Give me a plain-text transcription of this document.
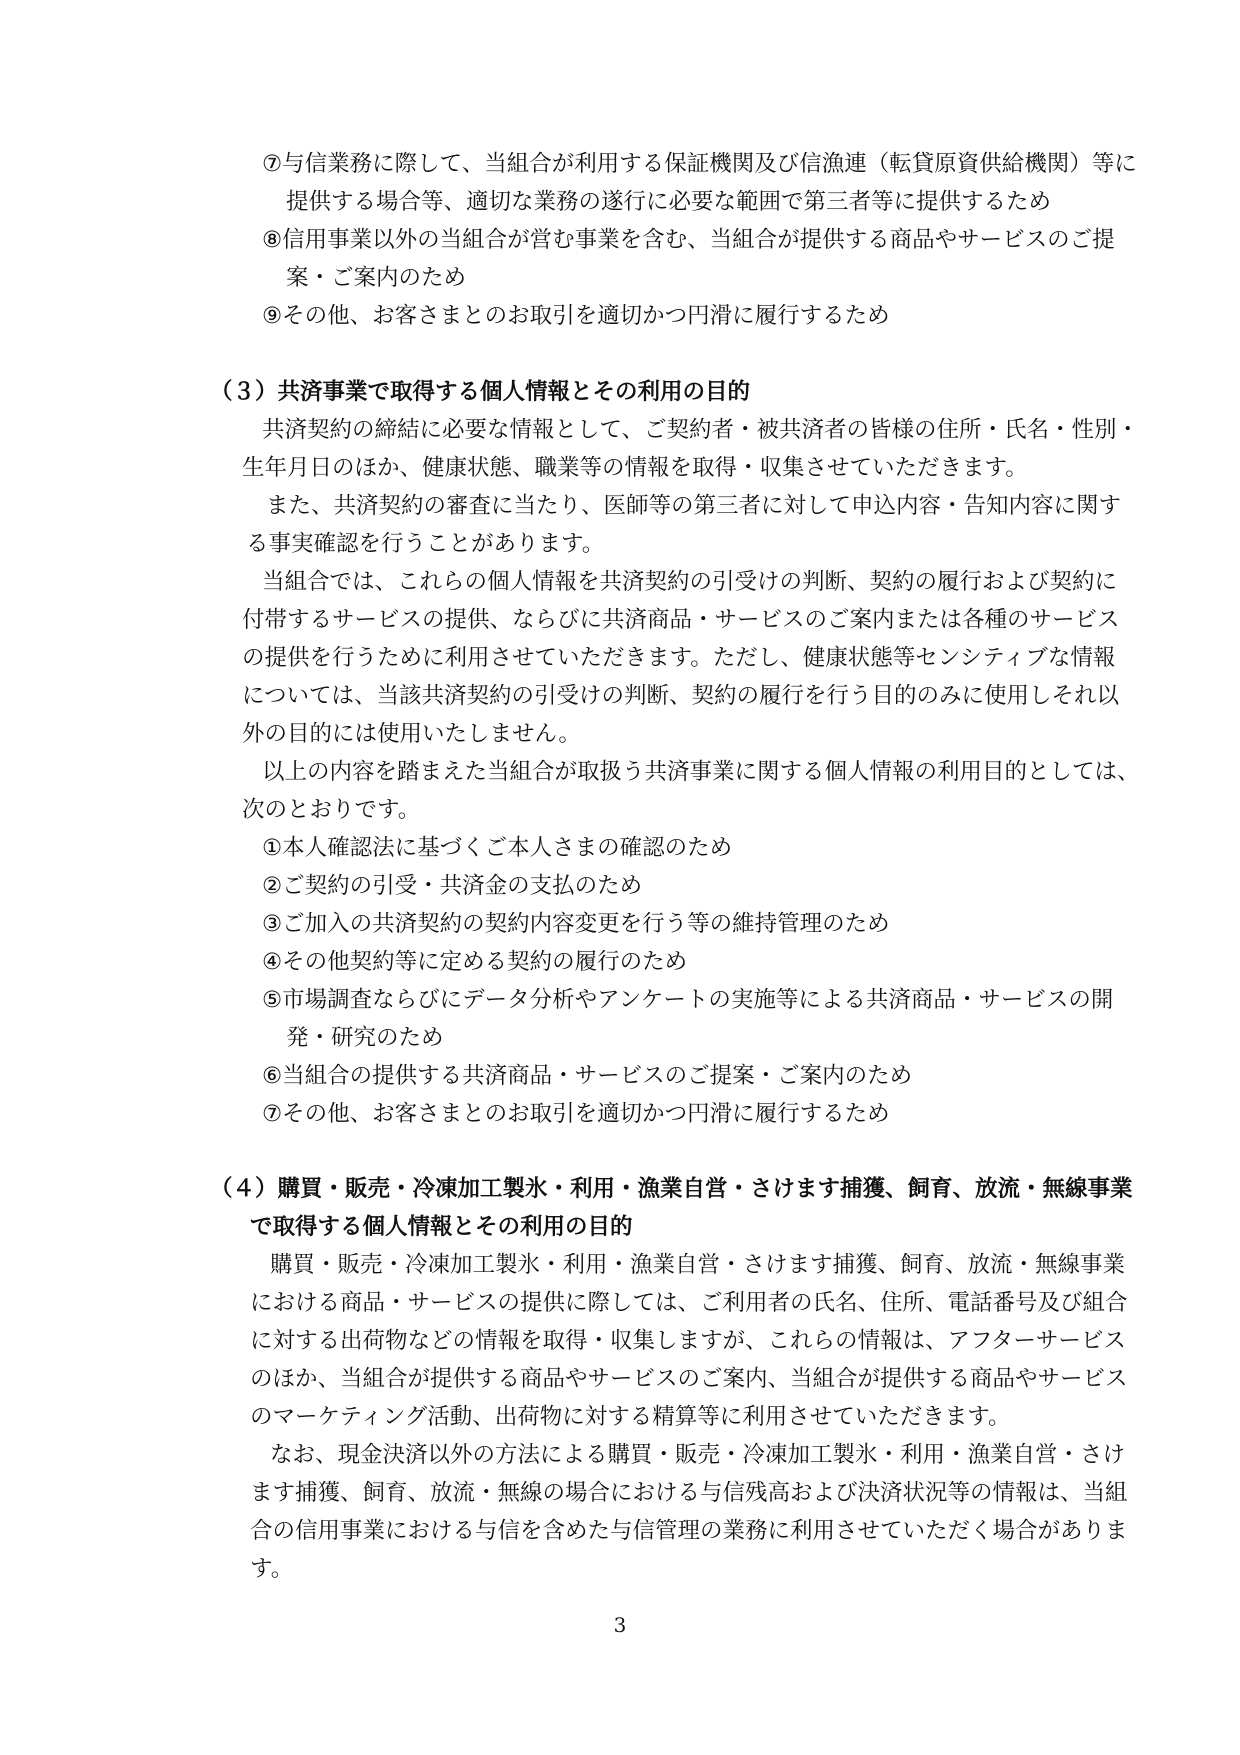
⑦与信業務に際して、当組合が利用する保証機関及び信漁連（転貸原資供給機関）等に
提供する場合等、適切な業務の遂行に必要な範囲で第三者等に提供するため
⑧信用事業以外の当組合が営む事業を含む、当組合が提供する商品やサービスのご提
案・ご案内のため
⑨その他、お客さまとのお取引を適切かつ円滑に履行するため
（３）共済事業で取得する個人情報とその利用の目的
共済契約の締結に必要な情報として、ご契約者・被共済者の皆様の住所・氏名・性別・
生年月日のほか、健康状態、職業等の情報を取得・収集させていただきます。
また、共済契約の審査に当たり、医師等の第三者に対して申込内容・告知内容に関す
る事実確認を行うことがあります。
当組合では、これらの個人情報を共済契約の引受けの判断、契約の履行および契約に
付帯するサービスの提供、ならびに共済商品・サービスのご案内または各種のサービス
の提供を行うために利用させていただきます。ただし、健康状態等センシティブな情報
については、当該共済契約の引受けの判断、契約の履行を行う目的のみに使用しそれ以
外の目的には使用いたしません。
以上の内容を踏まえた当組合が取扱う共済事業に関する個人情報の利用目的としては、
次のとおりです。
①本人確認法に基づくご本人さまの確認のため
②ご契約の引受・共済金の支払のため
③ご加入の共済契約の契約内容変更を行う等の維持管理のため
④その他契約等に定める契約の履行のため
⑤市場調査ならびにデータ分析やアンケートの実施等による共済商品・サービスの開
発・研究のため
⑥当組合の提供する共済商品・サービスのご提案・ご案内のため
⑦その他、お客さまとのお取引を適切かつ円滑に履行するため
（４）購買・販売・冷凍加工製氷・利用・漁業自営・さけます捕獲、飼育、放流・無線事業
で取得する個人情報とその利用の目的
購買・販売・冷凍加工製氷・利用・漁業自営・さけます捕獲、飼育、放流・無線事業
における商品・サービスの提供に際しては、ご利用者の氏名、住所、電話番号及び組合
に対する出荷物などの情報を取得・収集しますが、これらの情報は、アフターサービス
のほか、当組合が提供する商品やサービスのご案内、当組合が提供する商品やサービス
のマーケティング活動、出荷物に対する精算等に利用させていただきます。
なお、現金決済以外の方法による購買・販売・冷凍加工製氷・利用・漁業自営・さけ
ます捕獲、飼育、放流・無線の場合における与信残高および決済状況等の情報は、当組
合の信用事業における与信を含めた与信管理の業務に利用させていただく場合がありま
す。
3
